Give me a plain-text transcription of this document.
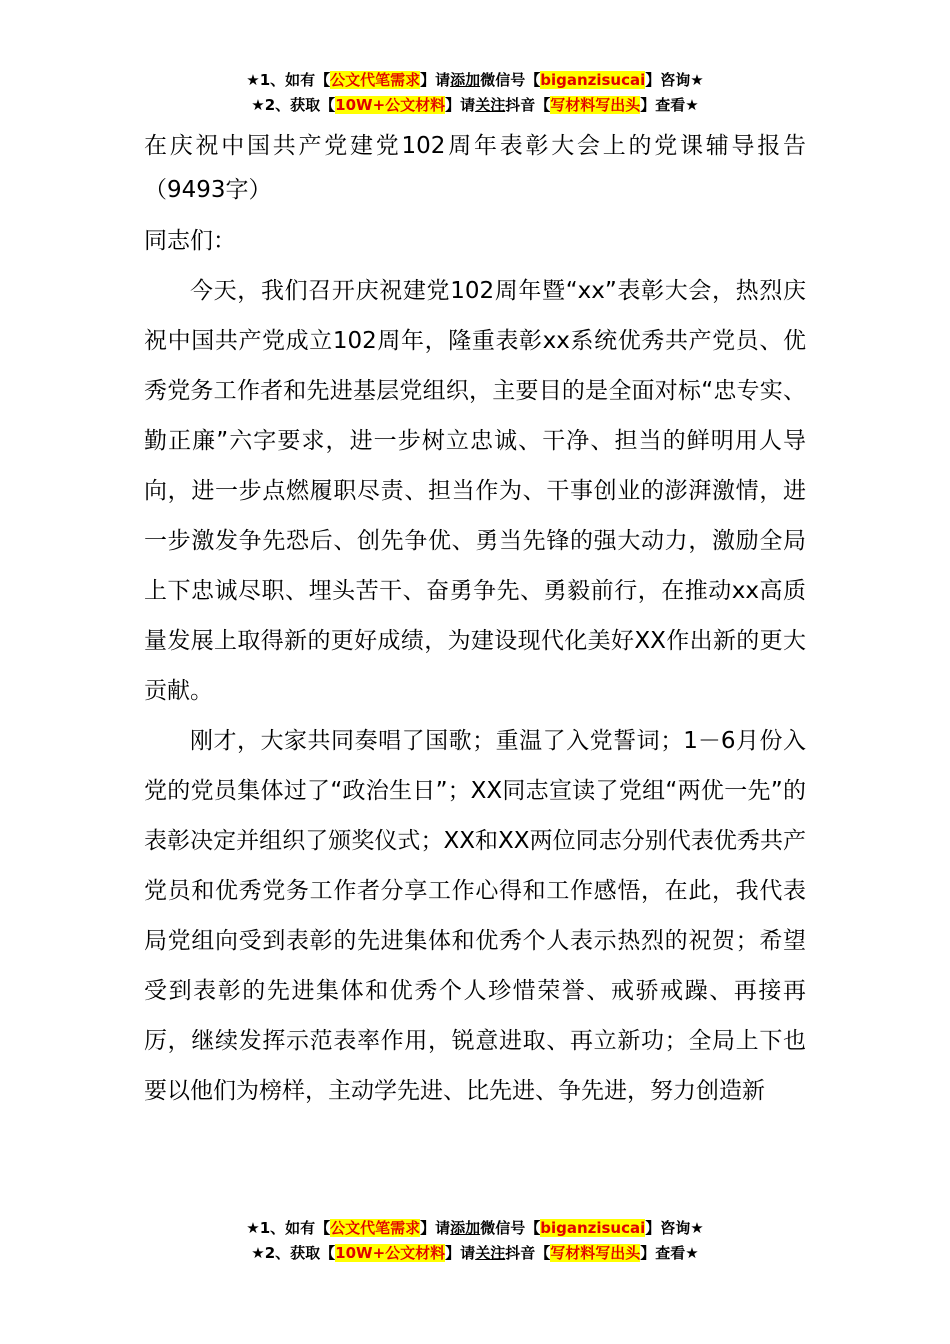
★1、如有【公文代笔需求】请添加微信号【biganzisucai】咨询★
★2、获取【10W+公文材料】请关注抖音【写材料写出头】查看★
在庆祝中国共产党建党102周年表彰大会上的党课辅导报告（9493字）
同志们：

今天，我们召开庆祝建党102周年暨“xx”表彰大会，热烈庆祝中国共产党成立102周年，隆重表彰xx系统优秀共产党员、优秀党务工作者和先进基层党组织，主要目的是全面对标“忠专实、勤正廉”六字要求，进一步树立忠诚、干净、担当的鲜明用人导向，进一步点燃履职尽责、担当作为、干事创业的澎湃激情，进一步激发争先恐后、创先争优、勇当先锋的强大动力，激励全局上下忠诚尽职、埋头苦干、奋勇争先、勇毅前行，在推动xx高质量发展上取得新的更好成绩，为建设现代化美好XX作出新的更大贡献。

刚才，大家共同奏唱了国歌；重温了入党誓词；1－6月份入党的党员集体过了“政治生日”；XX同志宣读了党组“两优一先”的表彰决定并组织了颁奖仪式；XX和XX两位同志分别代表优秀共产党员和优秀党务工作者分享工作心得和工作感悟，在此，我代表局党组向受到表彰的先进集体和优秀个人表示热烈的祝贺；希望受到表彰的先进集体和优秀个人珍惜荣誉、戒骄戒躁、再接再厉，继续发挥示范表率作用，锐意进取、再立新功；全局上下也要以他们为榜样，主动学先进、比先进、争先进，努力创造新

★1、如有【公文代笔需求】请添加微信号【biganzisucai】咨询★
★2、获取【10W+公文材料】请关注抖音【写材料写出头】查看★
